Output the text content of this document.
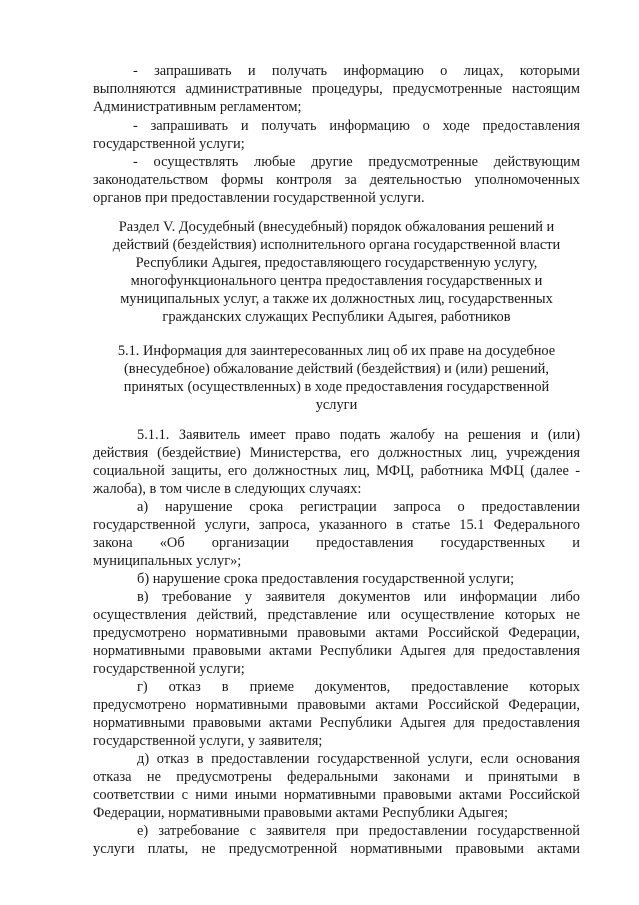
- запрашивать и получать информацию о лицах, которыми
выполняются административные процедуры, предусмотренные настоящим
Административным регламентом;
- запрашивать и получать информацию о ходе предоставления
государственной услуги;
- осуществлять любые другие предусмотренные действующим
законодательством формы контроля за деятельностью уполномоченных
органов при предоставлении государственной услуги.
Раздел V. Досудебный (внесудебный) порядок обжалования решений и
действий (бездействия) исполнительного органа государственной власти
Республики Адыгея, предоставляющего государственную услугу,
многофункционального центра предоставления государственных и
муниципальных услуг, а также их должностных лиц, государственных
гражданских служащих Республики Адыгея, работников
5.1. Информация для заинтересованных лиц об их праве на досудебное
(внесудебное) обжалование действий (бездействия) и (или) решений,
принятых (осуществленных) в ходе предоставления государственной
услуги
5.1.1. Заявитель имеет право подать жалобу на решения и (или)
действия (бездействие) Министерства, его должностных лиц, учреждения
социальной защиты, его должностных лиц, МФЦ, работника МФЦ (далее -
жалоба), в том числе в следующих случаях:
а) нарушение срока регистрации запроса о предоставлении
государственной услуги, запроса, указанного в статье 15.1 Федерального
закона «Об организации предоставления государственных и
муниципальных услуг»;
б) нарушение срока предоставления государственной услуги;
в) требование у заявителя документов или информации либо
осуществления действий, представление или осуществление которых не
предусмотрено нормативными правовыми актами Российской Федерации,
нормативными правовыми актами Республики Адыгея для предоставления
государственной услуги;
г) отказ в приеме документов, предоставление которых
предусмотрено нормативными правовыми актами Российской Федерации,
нормативными правовыми актами Республики Адыгея для предоставления
государственной услуги, у заявителя;
д) отказ в предоставлении государственной услуги, если основания
отказа не предусмотрены федеральными законами и принятыми в
соответствии с ними иными нормативными правовыми актами Российской
Федерации, нормативными правовыми актами Республики Адыгея;
е) затребование с заявителя при предоставлении государственной
услуги платы, не предусмотренной нормативными правовыми актами
